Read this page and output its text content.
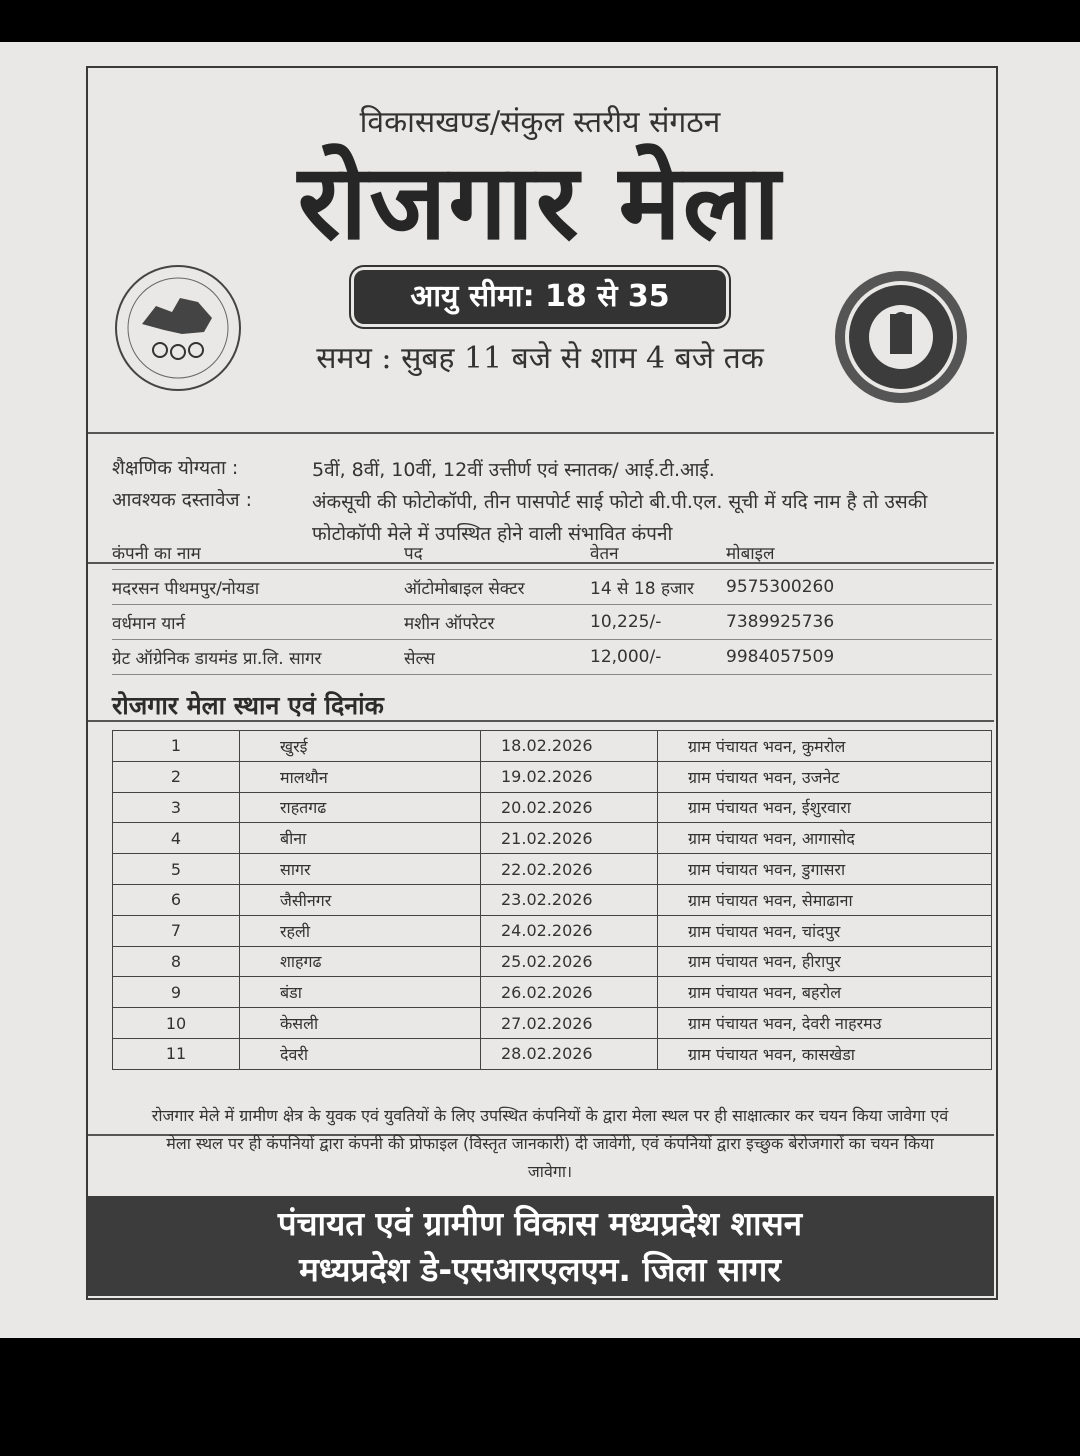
विकासखण्ड/संकुल स्तरीय संगठन
रोजगार मेला
आयु सीमा: 18 से 35
समय : सुबह 11 बजे से शाम 4 बजे तक
शैक्षणिक योग्यता :	5वीं, 8वीं, 10वीं, 12वीं उत्तीर्ण एवं स्नातक/ आई.टी.आई.
आवश्यक दस्तावेज :	अंकसूची की फोटोकॉपी, तीन पासपोर्ट साई फोटो बी.पी.एल. सूची में यदि नाम है तो उसकी फोटोकॉपी मेले में उपस्थित होने वाली संभावित कंपनी
कंपनी का नाम	पद	वेतन	मोबाइल
मदरसन पीथमपुर/नोयडा	ऑटोमोबाइल सेक्टर	14 से 18 हजार	9575300260
वर्धमान यार्न	मशीन ऑपरेटर	10,225/-	7389925736
ग्रेट ऑग्रेनिक डायमंड प्रा.लि. सागर	सेल्स	12,000/-	9984057509
रोजगार मेला स्थान एवं दिनांक
1	खुरई	18.02.2026	ग्राम पंचायत भवन, कुमरोल
2	मालथौन	19.02.2026	ग्राम पंचायत भवन, उजनेट
3	राहतगढ	20.02.2026	ग्राम पंचायत भवन, ईशुरवारा
4	बीना	21.02.2026	ग्राम पंचायत भवन, आगासोद
5	सागर	22.02.2026	ग्राम पंचायत भवन, डुगासरा
6	जैसीनगर	23.02.2026	ग्राम पंचायत भवन, सेमाढाना
7	रहली	24.02.2026	ग्राम पंचायत भवन, चांदपुर
8	शाहगढ	25.02.2026	ग्राम पंचायत भवन, हीरापुर
9	बंडा	26.02.2026	ग्राम पंचायत भवन, बहरोल
10	केसली	27.02.2026	ग्राम पंचायत भवन, देवरी नाहरमउ
11	देवरी	28.02.2026	ग्राम पंचायत भवन, कासखेडा
रोजगार मेले में ग्रामीण क्षेत्र के युवक एवं युवतियों के लिए उपस्थित कंपनियों के द्वारा मेला स्थल पर ही साक्षात्कार कर चयन किया जावेगा एवं मेला स्थल पर ही कंपनियों द्वारा कंपनी की प्रोफाइल (विस्तृत जानकारी) दी जावेगी, एवं कंपनियों द्वारा इच्छुक बेरोजगारों का चयन किया जावेगा।
पंचायत एवं ग्रामीण विकास मध्यप्रदेश शासन
मध्यप्रदेश डे-एसआरएलएम. जिला सागर
